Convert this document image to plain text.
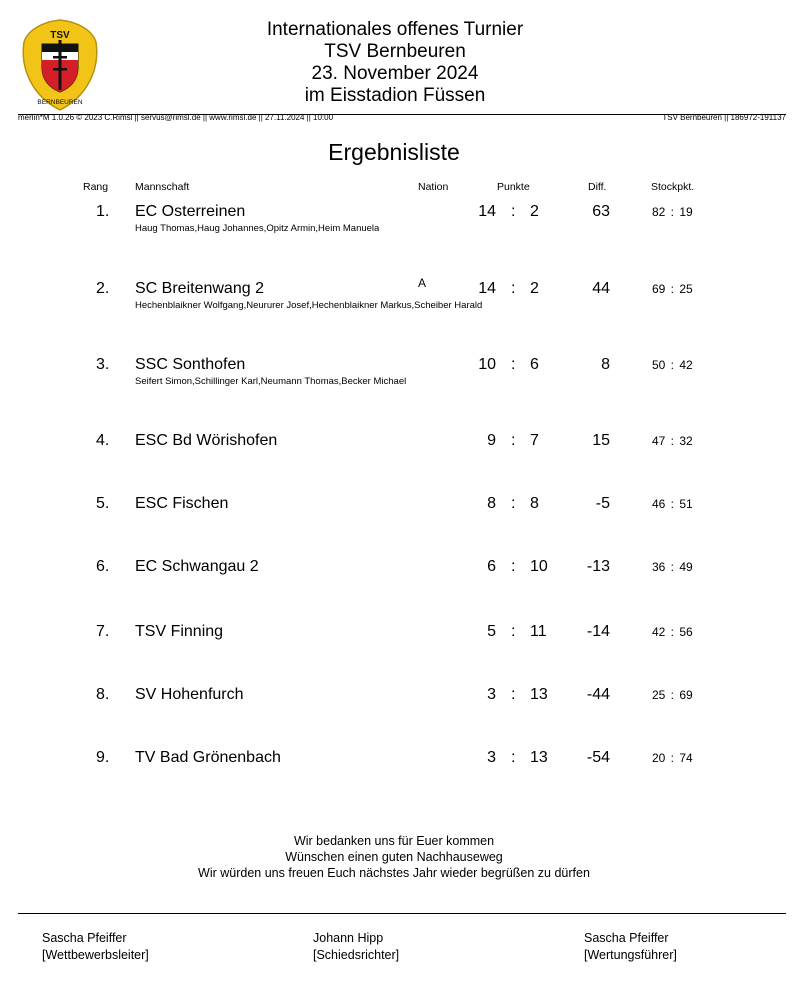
TSV
BERNBEUREN
Internationales offenes Turnier
TSV Bernbeuren
23. November 2024
im Eisstadion Füssen
merlin*M 1.0.26 © 2023 C.Rimsl || servus@rimsl.de || www.rimsl.de || 27.11.2024 || 10:00	TSV Bernbeuren || 186972-191137
Ergebnisliste
Rang	Mannschaft	Nation	Punkte	Diff.	Stockpkt.
1. EC Osterreinen
Haug Thomas,Haug Johannes,Opitz Armin,Heim Manuela
14 : 2	63	82 : 19
2. SC Breitenwang 2
Hechenblaikner Wolfgang,Neururer Josef,Hechenblaikner Markus,Scheiber Harald
A	14 : 2	44	69 : 25
3. SSC Sonthofen
Seifert Simon,Schillinger Karl,Neumann Thomas,Becker Michael
10 : 6	8	50 : 42
4. ESC Bd Wörishofen	9 : 7	15	47 : 32
5. ESC Fischen	8 : 8	-5	46 : 51
6. EC Schwangau 2	6 : 10 -13	36 : 49
7. TSV Finning	5 : 11	-14	42 : 56
8. SV Hohenfurch	3 : 13 -44	25 : 69
9. TV Bad Grönenbach	3 : 13 -54	20 : 74
Wir bedanken uns für Euer kommen
Wünschen einen guten Nachhauseweg
Wir würden uns freuen Euch nächstes Jahr wieder begrüßen zu dürfen
Sascha Pfeiffer
[Wettbewerbsleiter]
Johann Hipp
[Schiedsrichter]
Sascha Pfeiffer
[Wertungsführer]
